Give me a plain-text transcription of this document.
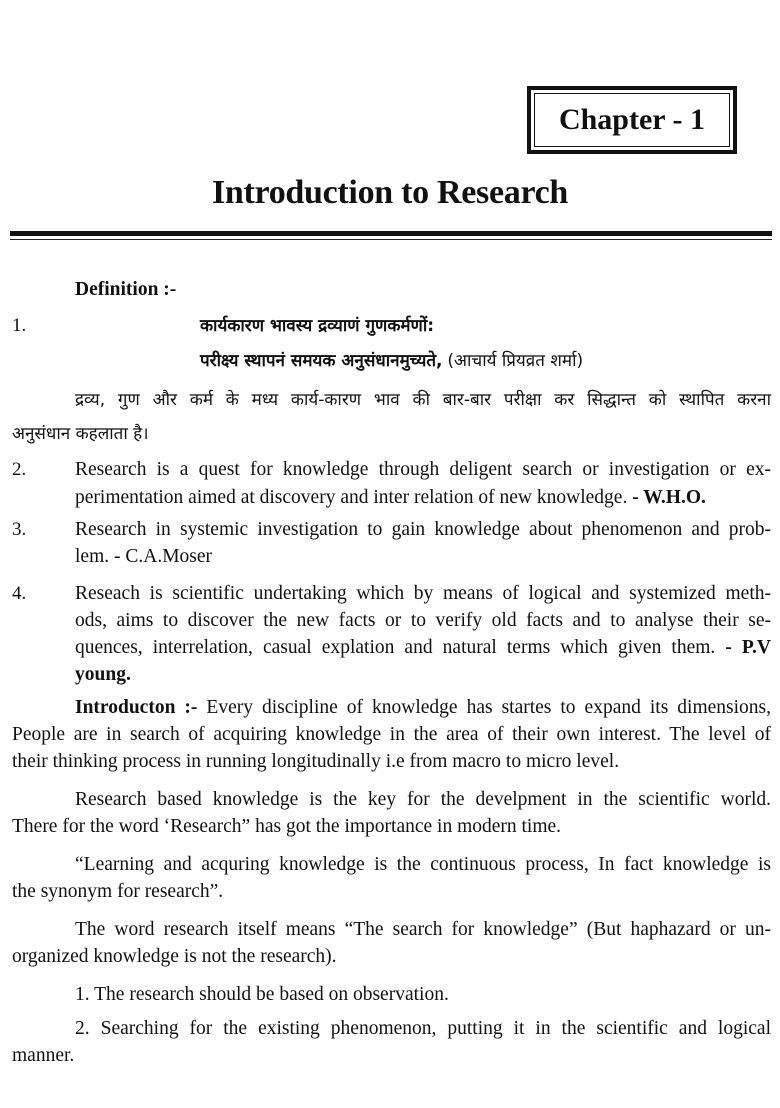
Chapter - 1
Introduction to Research
Definition :-
1.	कार्यकारण भावस्य द्रव्याणं गुणकर्मणों:
परीक्ष्य स्थापनं समयक अनुसंधानमुच्यते, (आचार्य प्रियव्रत शर्मा)
द्रव्य, गुण और कर्म के मध्य कार्य-कारण भाव की बार-बार परीक्षा कर सिद्धान्त को स्थापित करना
अनुसंधान कहलाता है।
2.	Research is a quest for knowledge through deligent search or investigation or ex-
perimentation aimed at discovery and inter relation of new knowledge. - W.H.O.
3.	Research in systemic investigation to gain knowledge about phenomenon and prob-
lem. - C.A.Moser
4.	Reseach is scientific undertaking which by means of logical and systemized meth-
ods, aims to discover the new facts or to verify old facts and to analyse their se-
quences, interrelation, casual explation and natural terms which given them. - P.V
young.
Introducton :- Every discipline of knowledge has startes to expand its dimensions,
People are in search of acquiring knowledge in the area of their own interest. The level of
their thinking process in running longitudinally i.e from macro to micro level.
Research based knowledge is the key for the develpment in the scientific world.
There for the word ‘Research” has got the importance in modern time.
“Learning and acquring knowledge is the continuous process, In fact knowledge is
the synonym for research”.
The word research itself means “The search for knowledge” (But haphazard or un-
organized knowledge is not the research).
1. The research should be based on observation.
2. Searching for the existing phenomenon, putting it in the scientific and logical
manner.
